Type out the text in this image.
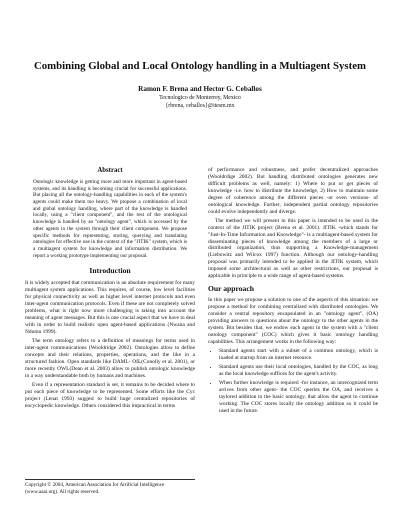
Combining Global and Local Ontology handling in a Multiagent System
Ramon F. Brena and Hector G. Ceballos
Tecnologico de Monterrey, Mexico
{rbrena, ceballos}@itesm.mx
Abstract
Ontologic knowledge is getting more and more important in agent-based systems, and its handling is becoming crucial for successful applications. But placing all the ontology-handling capabilities in each of the system's agents could make them too heavy. We propose a combination of local and global ontology handling, where part of the knowledge is handled locally, using a "client component", and the rest of the ontological knowledge is handled by an "ontology agent", which is accessed by the other agents in the system through their client component. We propose specific methods for representing, storing, querying and translating ontologies for effective use in the context of the "JITIK" system, which is a multiagent system for knowledge and information distribution. We report a working prototype implementing our proposal.
Introduction

It is widely accepted that communication is an absolute requirement for many multiagent system applications. This requires, of course, low level facilities for physical connectivity as well as higher level internet protocols and even inter-agent communication protocols. Even if these are not completely solved problems, what is right now more challenging is taking into account the meaning of agent messages. But this is one crucial aspect that we have to deal with in order to build realistic open agent-based applications (Nwana and Ndumu 1999).

The term ontology refers to a definition of meanings for terms used in inter-agent communications (Wooldridge 2002). Ontologies allow to define concepts and their relations, properties, operations, and the like in a structured fashion. Open standards like DAML- OIL(Conolly et al. 2001), or more recently OWL(Dean et al. 2003) allow to publish ontologic knowledge in a way understandable both by humans and machines.

Even if a representation standard is set, it remains to be decided where to put each piece of knowledge to be represented. Some efforts like the Cyc project (Lenat 1993) suggest to build huge centralized repositories of encyclopedic knowledge. Others considered this impractical in terms

Copyright © 2004, American Association for Artificial Intelligence (www.aaai.org). All rights reserved.

of performance and robustness, and prefer decentralized approaches (Wooldrdige 2002). But handling distributed ontologies generates new difficult problems as well, namely: 1) Where to put or get pieces of knowledge -i.e. how to distribute the knowledge, 2) How to maintain some degree of coherence among the different pieces -or even versions- of ontological knowledge. Further, independent partial ontology repositories could evolve independently and diverge.

The method we will present in this paper is intended to be used in the context of the JITIK project (Brena et al. 2001). JITIK -which stands for "Just-In-Time Information and Knowledge"- is a multiagent-based system for disseminating pieces of knowledge among the members of a large or distributed organization, thus supporting a Knowledge-management (Liebowitz and Wilcox 1997) function. Although our ontology-handling proposal was primarily intended to be applied in the JITIK system, which imposed some architectural as well as other restrictions, our proposal is applicable in principle to a wide range of agent-based systems.

Our approach

In this paper we propose a solution to one of the aspects of this situation: we propose a method for combining centralized with distributed ontologies. We consider a central repository encapsulated in an "ontology agent", (OA) providing answers to questions about the ontology to the other agents in the system. But besides that, we endow each agent in the system with a "client ontology component" (COC) which gives it basic ontology handling capabilities. This arrangement works in the following way:

• Standard agents start with a subset of a common ontology, which is loaded at startup from an internet resource.
• Standard agents use their local ontologies, handled by the COC, as long as the local knowledge suffices for the agent's activity.
• When further knowledge is required -for instance, an unrecognized term arrives from other agent- the COC queries the OA, and receives a taylored addition to the basic ontology, that allow the agent to continue working. The COC stores locally the ontology addition so it could be used in the future.
